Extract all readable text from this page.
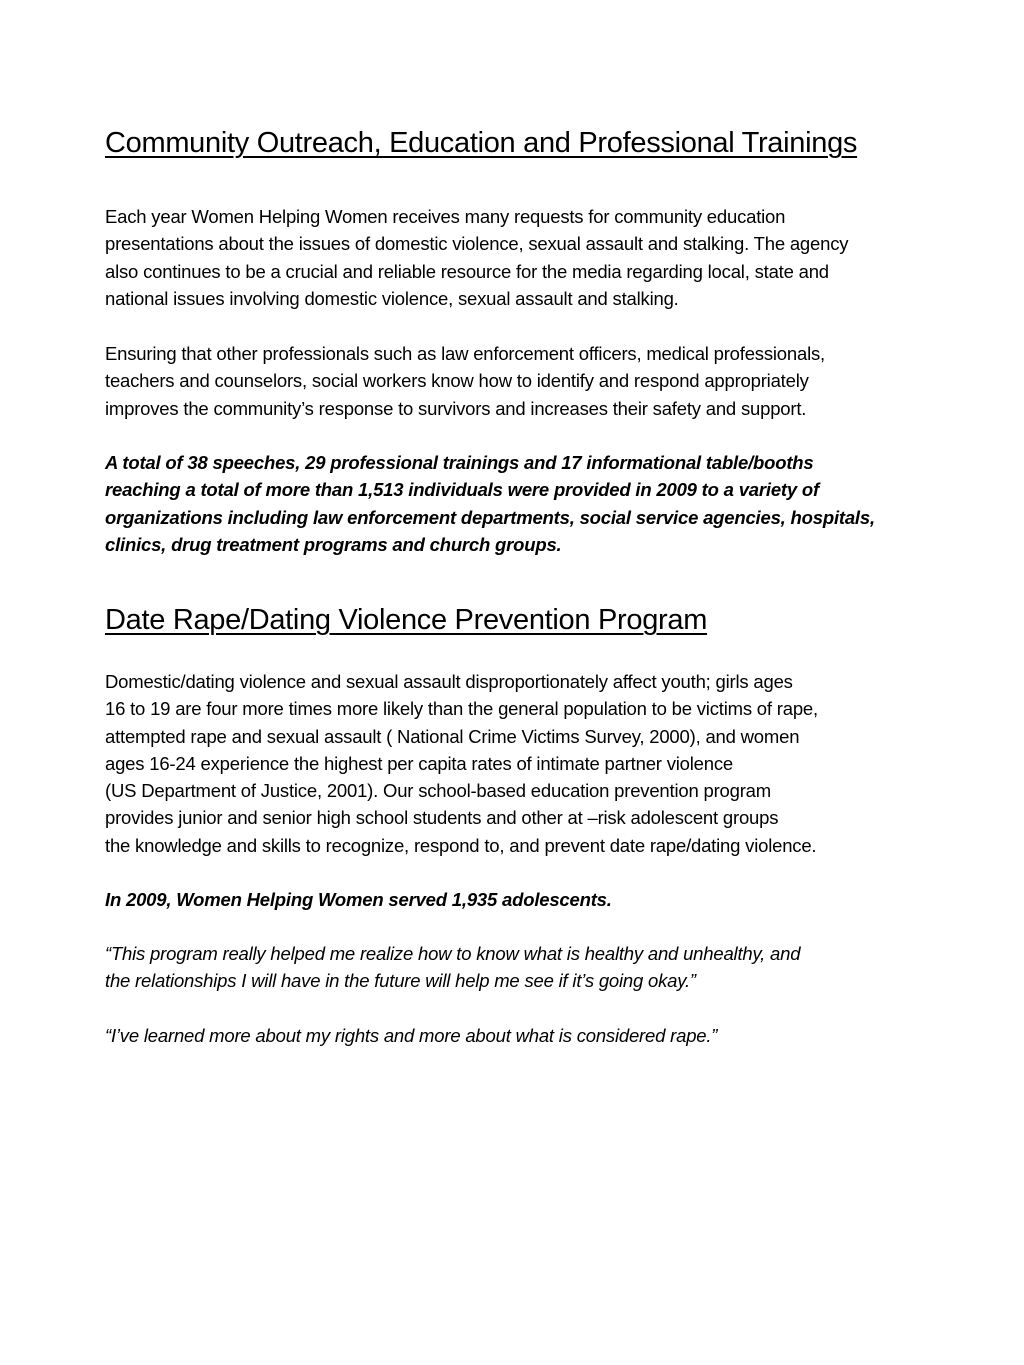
Community Outreach, Education and Professional Trainings

Each year Women Helping Women receives many requests for community education
presentations about the issues of domestic violence, sexual assault and stalking. The agency
also continues to be a crucial and reliable resource for the media regarding local, state and
national issues involving domestic violence, sexual assault and stalking.

Ensuring that other professionals such as law enforcement officers, medical professionals,
teachers and counselors, social workers know how to identify and respond appropriately
improves the community’s response to survivors and increases their safety and support.

A total of 38 speeches, 29 professional trainings and 17 informational table/booths
reaching a total of more than 1,513 individuals were provided in 2009 to a variety of
organizations including law enforcement departments, social service agencies, hospitals,
clinics, drug treatment programs and church groups.

Date Rape/Dating Violence Prevention Program

Domestic/dating violence and sexual assault disproportionately affect youth; girls ages
16 to 19 are four more times more likely than the general population to be victims of rape,
attempted rape and sexual assault ( National Crime Victims Survey, 2000), and women
ages 16-24 experience the highest per capita rates of intimate partner violence
(US Department of Justice, 2001). Our school-based education prevention program
provides junior and senior high school students and other at –risk adolescent groups
the knowledge and skills to recognize, respond to, and prevent date rape/dating violence.

In 2009, Women Helping Women served 1,935 adolescents.

“This program really helped me realize how to know what is healthy and unhealthy, and
the relationships I will have in the future will help me see if it’s going okay.”

“I’ve learned more about my rights and more about what is considered rape.”
